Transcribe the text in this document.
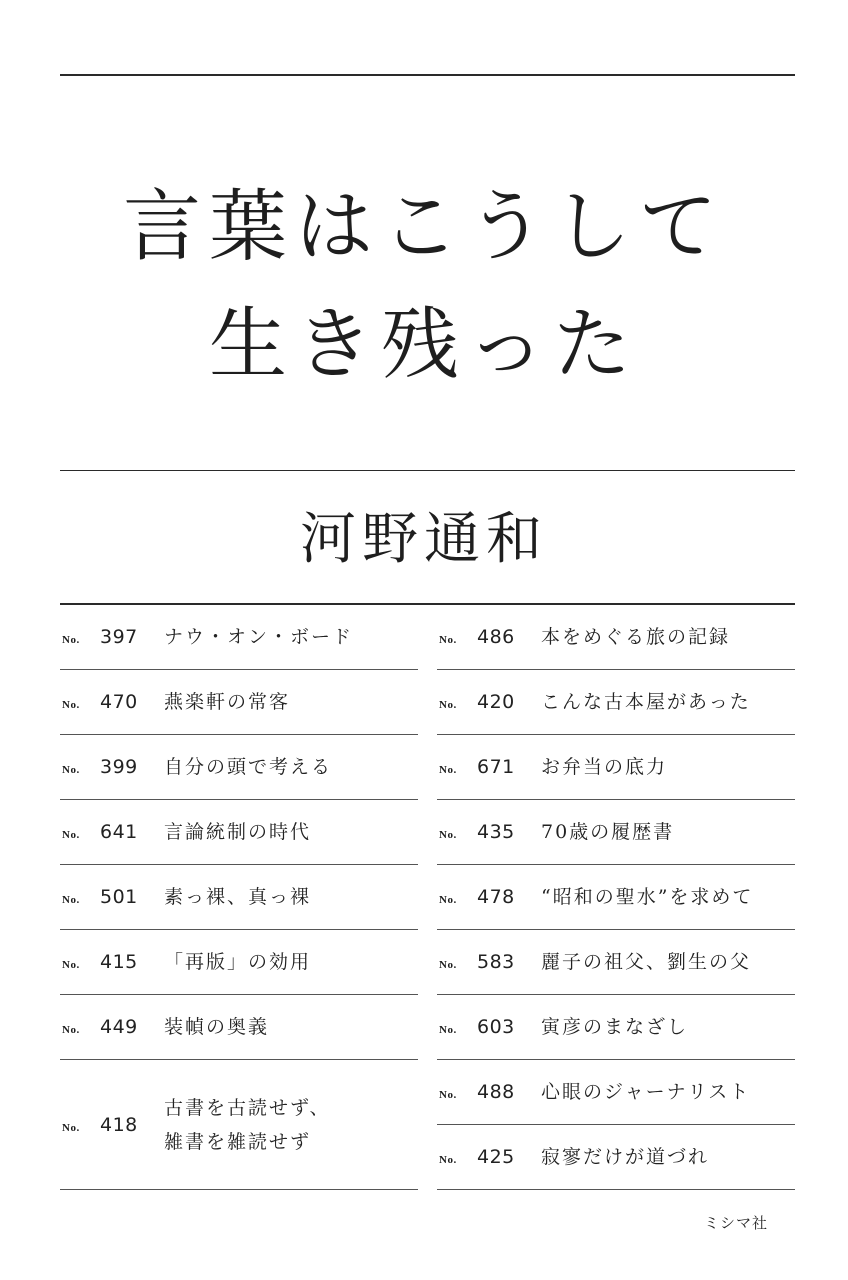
言葉はこうして
生き残った
河野通和
No.	397	ナウ・オン・ボード
No.	470	燕楽軒の常客
No.	399	自分の頭で考える
No.	641	言論統制の時代
No.	501	素っ裸、真っ裸
No.	415	「再版」の効用
No.	449	装幀の奥義
No.	418
古書を古読せず、
雑書を雑読せず
No.	486	本をめぐる旅の記録
No.	420	こんな古本屋があった
No.	671	お弁当の底力
No.	435	70歳の履歴書
No.	478	“昭和の聖水”を求めて
No.	583	麗子の祖父、劉生の父
No.	603	寅彦のまなざし
No.	488	心眼のジャーナリスト
No.	425	寂寥だけが道づれ
ミシマ社
